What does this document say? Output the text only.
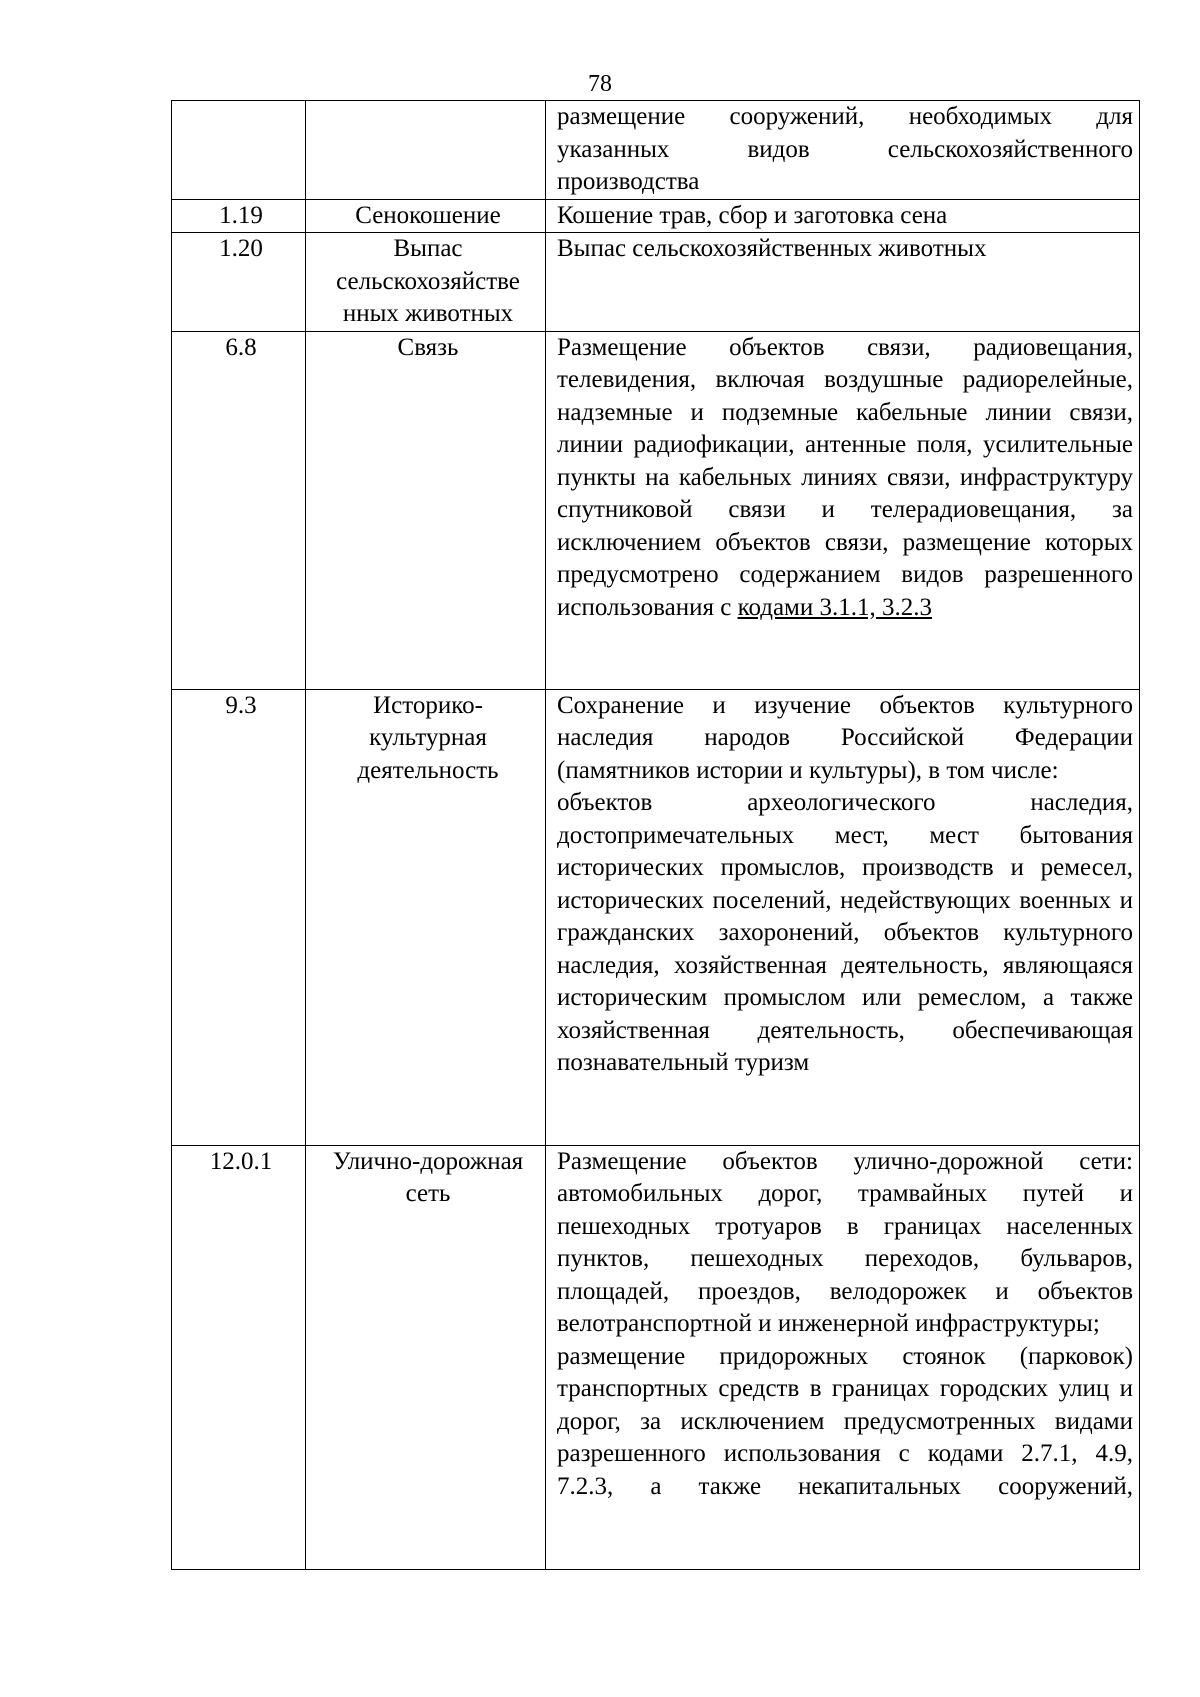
78

		размещение сооружений, необходимых для указанных видов сельскохозяйственного производства

1.19	Сенокошение	Кошение трав, сбор и заготовка сена

1.20	Выпас сельскохозяйстве нных животных	Выпас сельскохозяйственных животных

6.8	Связь	Размещение объектов связи, радиовещания, телевидения, включая воздушные радиорелейные, надземные и подземные кабельные линии связи, линии радиофикации, антенные поля, усилительные пункты на кабельных линиях связи, инфраструктуру спутниковой связи и телерадиовещания, за исключением объектов связи, размещение которых предусмотрено содержанием видов разрешенного использования с кодами 3.1.1, 3.2.3

9.3	Историко-культурная деятельность	Сохранение и изучение объектов культурного наследия народов Российской Федерации (памятников истории и культуры), в том числе:
объектов археологического наследия, достопримечательных мест, мест бытования исторических промыслов, производств и ремесел, исторических поселений, недействующих военных и гражданских захоронений, объектов культурного наследия, хозяйственная деятельность, являющаяся историческим промыслом или ремеслом, а также хозяйственная деятельность, обеспечивающая познавательный туризм

12.0.1	Улично-дорожная сеть	Размещение объектов улично-дорожной сети: автомобильных дорог, трамвайных путей и пешеходных тротуаров в границах населенных пунктов, пешеходных переходов, бульваров, площадей, проездов, велодорожек и объектов велотранспортной и инженерной инфраструктуры;
размещение придорожных стоянок (парковок) транспортных средств в границах городских улиц и дорог, за исключением предусмотренных видами разрешенного использования с кодами 2.7.1, 4.9, 7.2.3, а также некапитальных сооружений,
